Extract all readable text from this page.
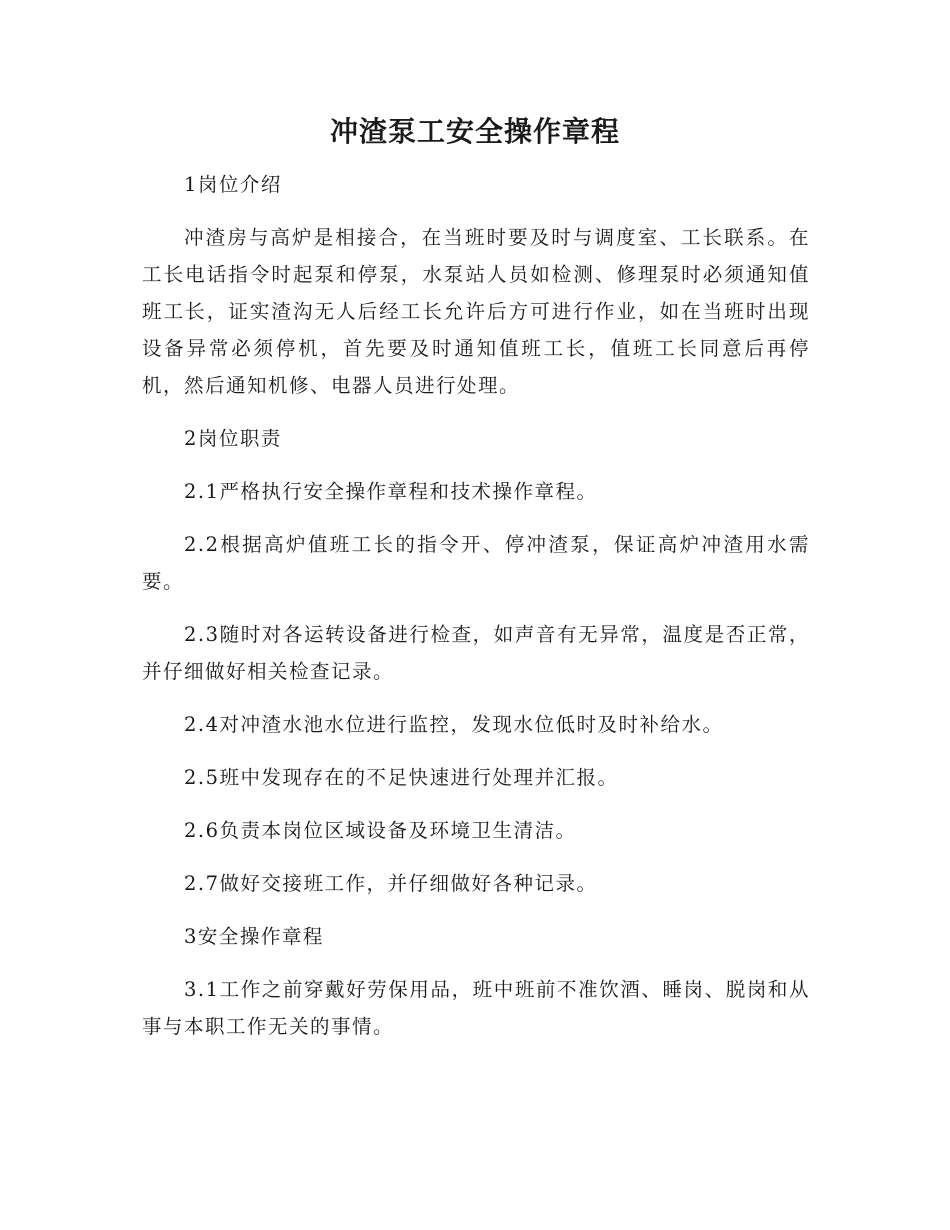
冲渣泵工安全操作章程

1岗位介绍

冲渣房与高炉是相接合，在当班时要及时与调度室、工长联系。在工长电话指令时起泵和停泵，水泵站人员如检测、修理泵时必须通知值班工长，证实渣沟无人后经工长允许后方可进行作业，如在当班时出现设备异常必须停机，首先要及时通知值班工长，值班工长同意后再停机，然后通知机修、电器人员进行处理。

2岗位职责

2.1严格执行安全操作章程和技术操作章程。

2.2根据高炉值班工长的指令开、停冲渣泵，保证高炉冲渣用水需要。

2.3随时对各运转设备进行检查，如声音有无异常，温度是否正常，并仔细做好相关检查记录。

2.4对冲渣水池水位进行监控，发现水位低时及时补给水。

2.5班中发现存在的不足快速进行处理并汇报。

2.6负责本岗位区域设备及环境卫生清洁。

2.7做好交接班工作，并仔细做好各种记录。

3安全操作章程

3.1工作之前穿戴好劳保用品，班中班前不准饮酒、睡岗、脱岗和从事与本职工作无关的事情。
